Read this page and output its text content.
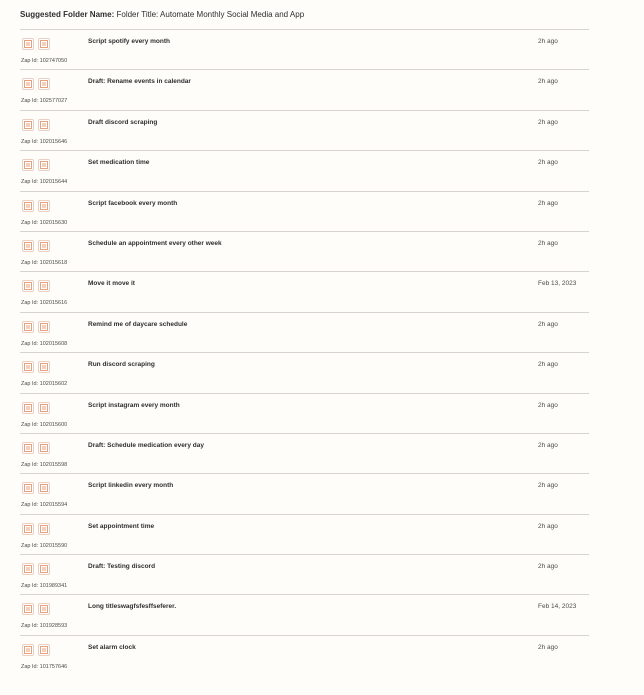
Suggested Folder Name: Folder Title: Automate Monthly Social Media and App
Script spotify every month	2h ago
Zap Id: 102747050
Draft: Rename events in calendar	2h ago
Zap Id: 102577027
Draft discord scraping	2h ago
Zap Id: 102015646
Set medication time	2h ago
Zap Id: 102015644
Script facebook every month	2h ago
Zap Id: 102015630
Schedule an appointment every other week	2h ago
Zap Id: 102015618
Move it move it	Feb 13, 2023
Zap Id: 102015616
Remind me of daycare schedule	2h ago
Zap Id: 102015608
Run discord scraping	2h ago
Zap Id: 102015602
Script instagram every month	2h ago
Zap Id: 102015600
Draft: Schedule medication every day	2h ago
Zap Id: 102015598
Script linkedin every month	2h ago
Zap Id: 102015594
Set appointment time	2h ago
Zap Id: 102015590
Draft: Testing discord	2h ago
Zap Id: 101989341
Long titleswagfsfesffseferer.	Feb 14, 2023
Zap Id: 101928593
Set alarm clock	2h ago
Zap Id: 101757646
